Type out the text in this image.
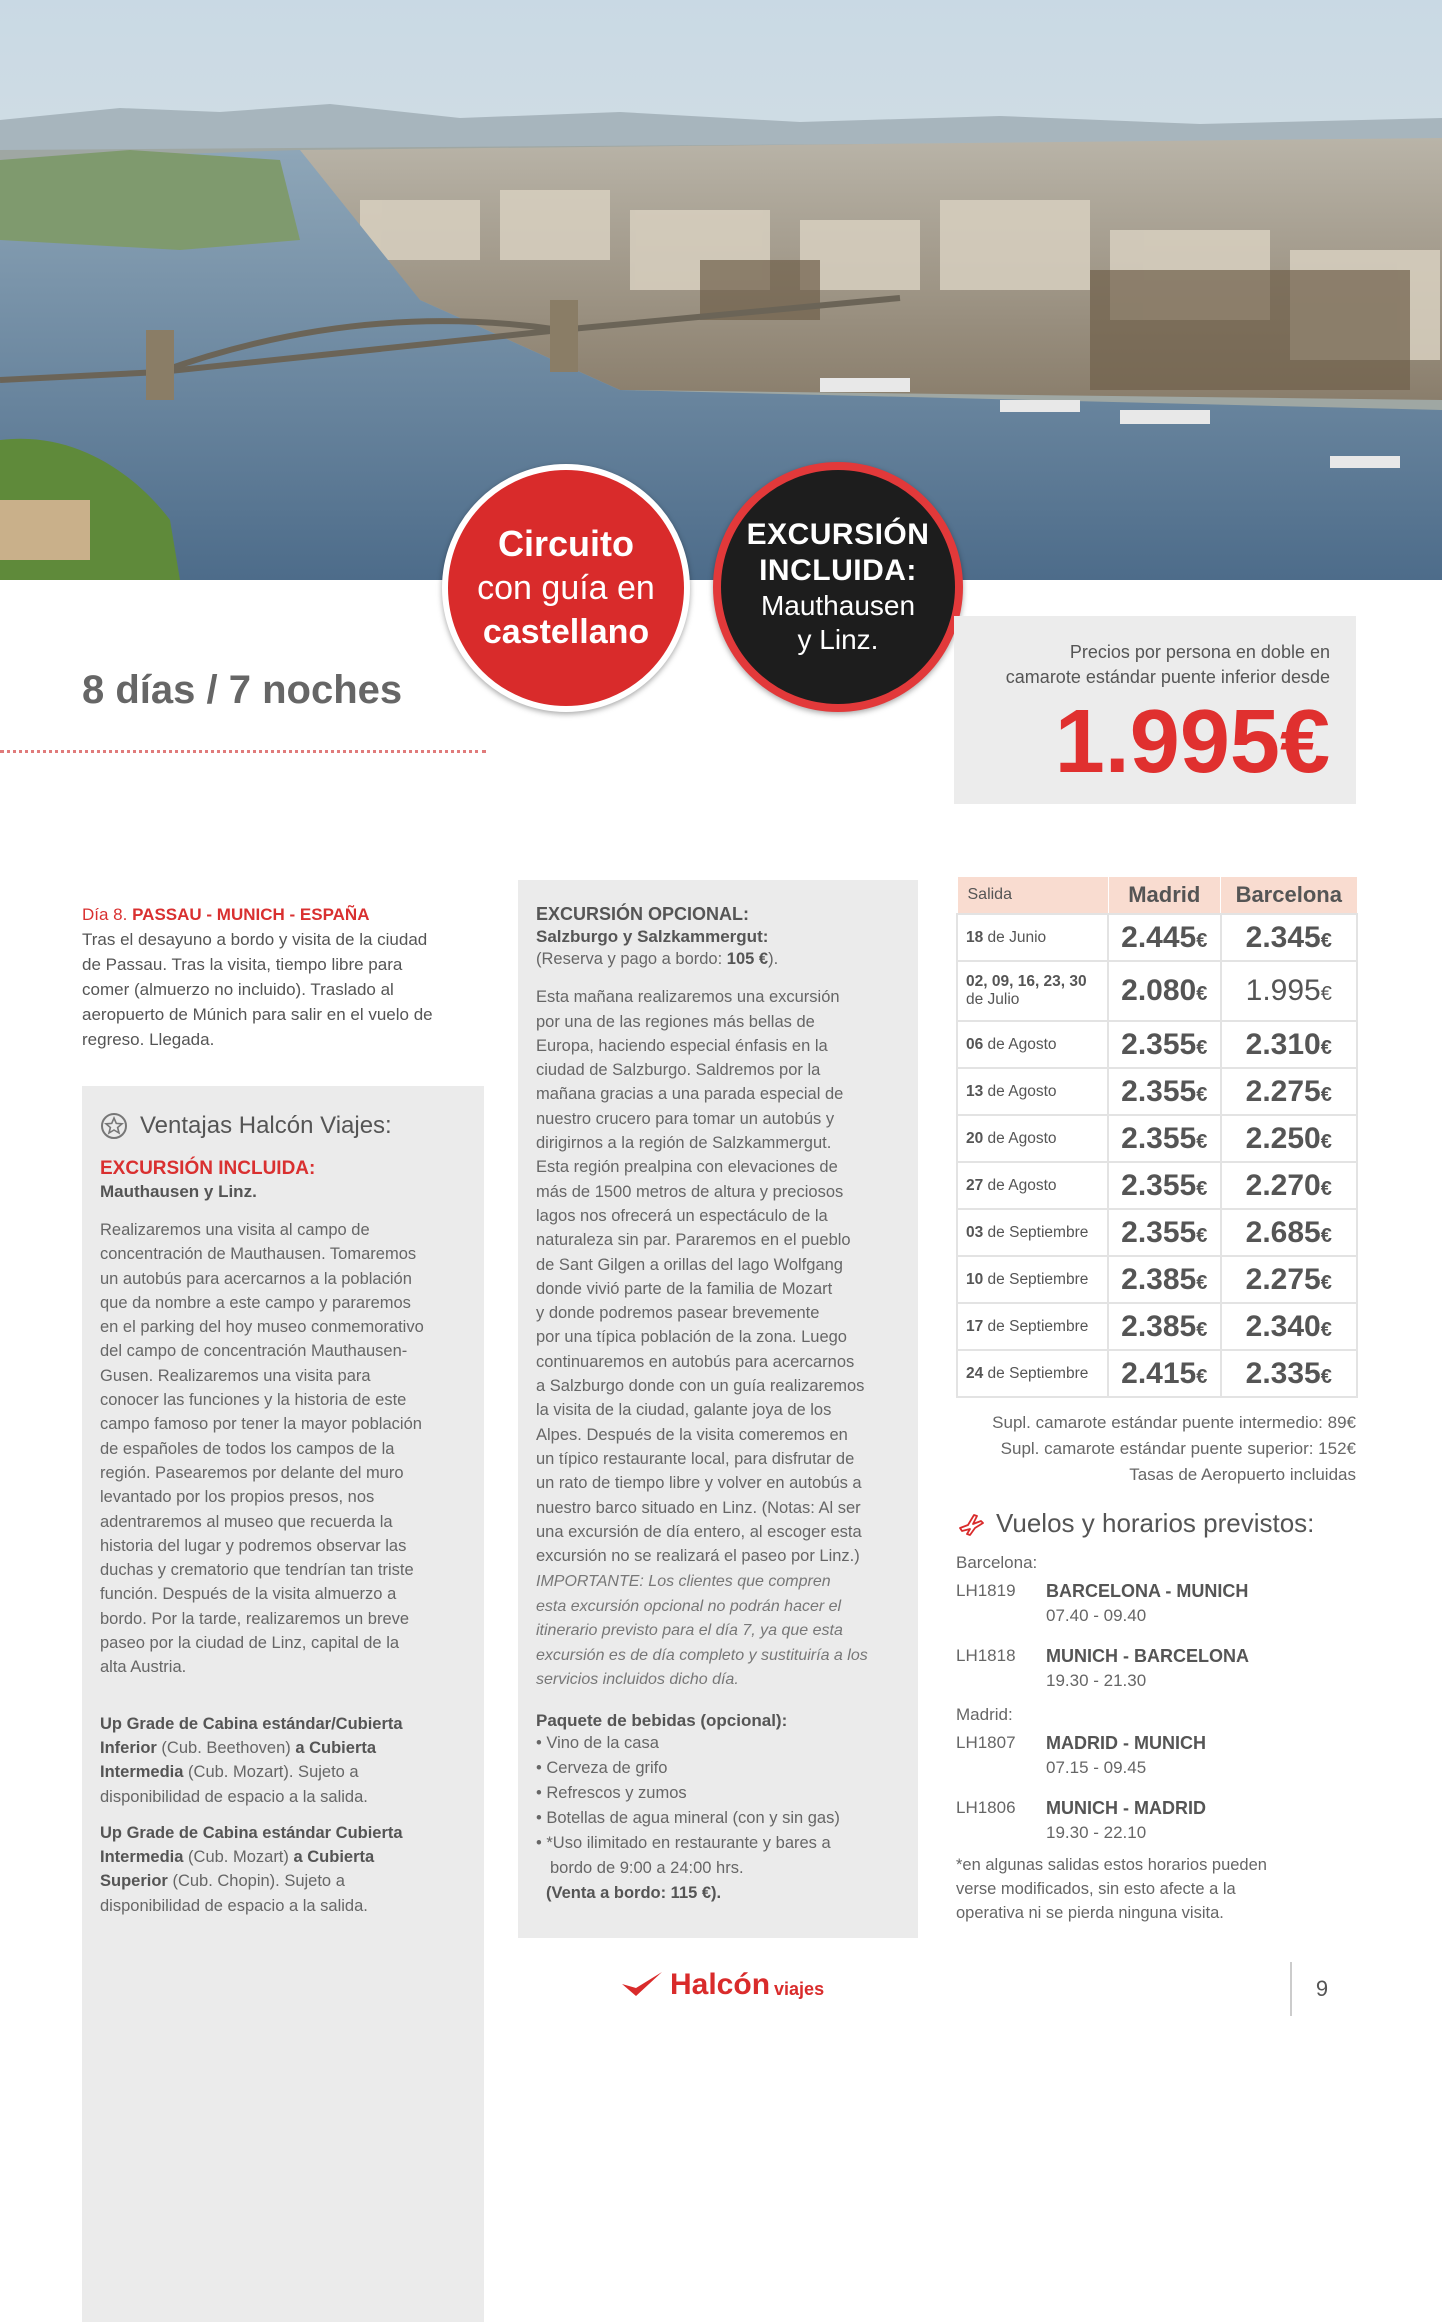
Circuito
con guía en
castellano
EXCURSIÓN
INCLUIDA:
Mauthausen
y Linz.
8 días / 7 noches
Precios por persona en doble en
camarote estándar puente inferior desde
1.995€
Día 8. PASSAU - MUNICH - ESPAÑA
Tras el desayuno a bordo y visita de la ciudad
de Passau. Tras la visita, tiempo libre para
comer (almuerzo no incluido). Traslado al
aeropuerto de Múnich para salir en el vuelo de
regreso. Llegada.
Ventajas Halcón Viajes:
EXCURSIÓN INCLUIDA:
Mauthausen y Linz.
Realizaremos una visita al campo de
concentración de Mauthausen. Tomaremos
un autobús para acercarnos a la población
que da nombre a este campo y pararemos
en el parking del hoy museo conmemorativo
del campo de concentración Mauthausen-
Gusen. Realizaremos una visita para
conocer las funciones y la historia de este
campo famoso por tener la mayor población
de españoles de todos los campos de la
región. Pasearemos por delante del muro
levantado por los propios presos, nos
adentraremos al museo que recuerda la
historia del lugar y podremos observar las
duchas y crematorio que tendrían tan triste
función. Después de la visita almuerzo a
bordo. Por la tarde, realizaremos un breve
paseo por la ciudad de Linz, capital de la
alta Austria.
Up Grade de Cabina estándar/Cubierta
Inferior (Cub. Beethoven) a Cubierta
Intermedia (Cub. Mozart). Sujeto a
disponibilidad de espacio a la salida.
Up Grade de Cabina estándar Cubierta
Intermedia (Cub. Mozart) a Cubierta
Superior (Cub. Chopin). Sujeto a
disponibilidad de espacio a la salida.
EXCURSIÓN OPCIONAL:
Salzburgo y Salzkammergut:
(Reserva y pago a bordo: 105 €).
Esta mañana realizaremos una excursión
por una de las regiones más bellas de
Europa, haciendo especial énfasis en la
ciudad de Salzburgo. Saldremos por la
mañana gracias a una parada especial de
nuestro crucero para tomar un autobús y
dirigirnos a la región de Salzkammergut.
Esta región prealpina con elevaciones de
más de 1500 metros de altura y preciosos
lagos nos ofrecerá un espectáculo de la
naturaleza sin par. Pararemos en el pueblo
de Sant Gilgen a orillas del lago Wolfgang
donde vivió parte de la familia de Mozart
y donde podremos pasear brevemente
por una típica población de la zona. Luego
continuaremos en autobús para acercarnos
a Salzburgo donde con un guía realizaremos
la visita de la ciudad, galante joya de los
Alpes. Después de la visita comeremos en
un típico restaurante local, para disfrutar de
un rato de tiempo libre y volver en autobús a
nuestro barco situado en Linz. (Notas: Al ser
una excursión de día entero, al escoger esta
excursión no se realizará el paseo por Linz.)
IMPORTANTE: Los clientes que compren
esta excursión opcional no podrán hacer el
itinerario previsto para el día 7, ya que esta
excursión es de día completo y sustituiría a los
servicios incluidos dicho día.
Paquete de bebidas (opcional):
• Vino de la casa
• Cerveza de grifo
• Refrescos y zumos
• Botellas de agua mineral (con y sin gas)
• *Uso ilimitado en restaurante y bares a
bordo de 9:00 a 24:00 hrs.
(Venta a bordo: 115 €).
Salida	Madrid	Barcelona
18 de Junio	2.445€	2.345€
02, 09, 16, 23, 30
de Julio	2.080€	1.995€
06 de Agosto	2.355€	2.310€
13 de Agosto	2.355€	2.275€
20 de Agosto	2.355€	2.250€
27 de Agosto	2.355€	2.270€
03 de Septiembre	2.355€	2.685€
10 de Septiembre	2.385€	2.275€
17 de Septiembre	2.385€	2.340€
24 de Septiembre	2.415€	2.335€
Supl. camarote estándar puente intermedio: 89€
Supl. camarote estándar puente superior: 152€
Tasas de Aeropuerto incluidas
Vuelos y horarios previstos:
Barcelona:
LH1819	BARCELONA - MUNICH
07.40 - 09.40
LH1818	MUNICH - BARCELONA
19.30 - 21.30
Madrid:
LH1807	MADRID - MUNICH
07.15 - 09.45
LH1806	MUNICH - MADRID
19.30 - 22.10
*en algunas salidas estos horarios pueden
verse modificados, sin esto afecte a la
operativa ni se pierda ninguna visita.
Halcón viajes	9
